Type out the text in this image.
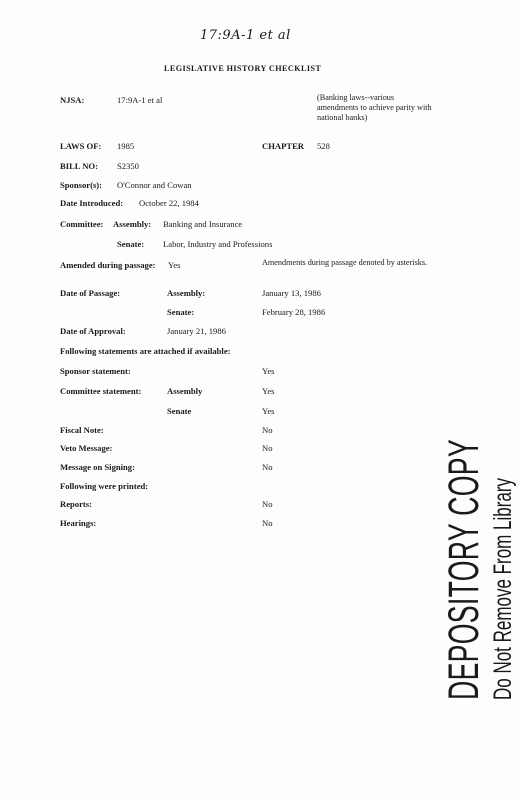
17:9A-1 et al
LEGISLATIVE HISTORY CHECKLIST
NJSA:	17:9A-1 et al	(Banking laws--various amendments to achieve parity with national banks)
LAWS OF: 1985	CHAPTER 528
BILL NO: S2350
Sponsor(s): O'Connor and Cowan
Date Introduced: October 22, 1984
Committee: Assembly: Banking and Insurance
Senate: Labor, Industry and Professions
Amended during passage: Yes	Amendments during passage denoted by asterisks.
Date of Passage:	Assembly:	January 13, 1986
Senate:	February 28, 1986
Date of Approval:	January 21, 1986
Following statements are attached if available:
Sponsor statement:	Yes
Committee statement:	Assembly	Yes
Senate	Yes
Fiscal Note:	No
Veto Message:	No
Message on Signing:	No
Following were printed:
Reports:	No
Hearings:	No	DEPOSITORY COPY Do Not Remove From Library
